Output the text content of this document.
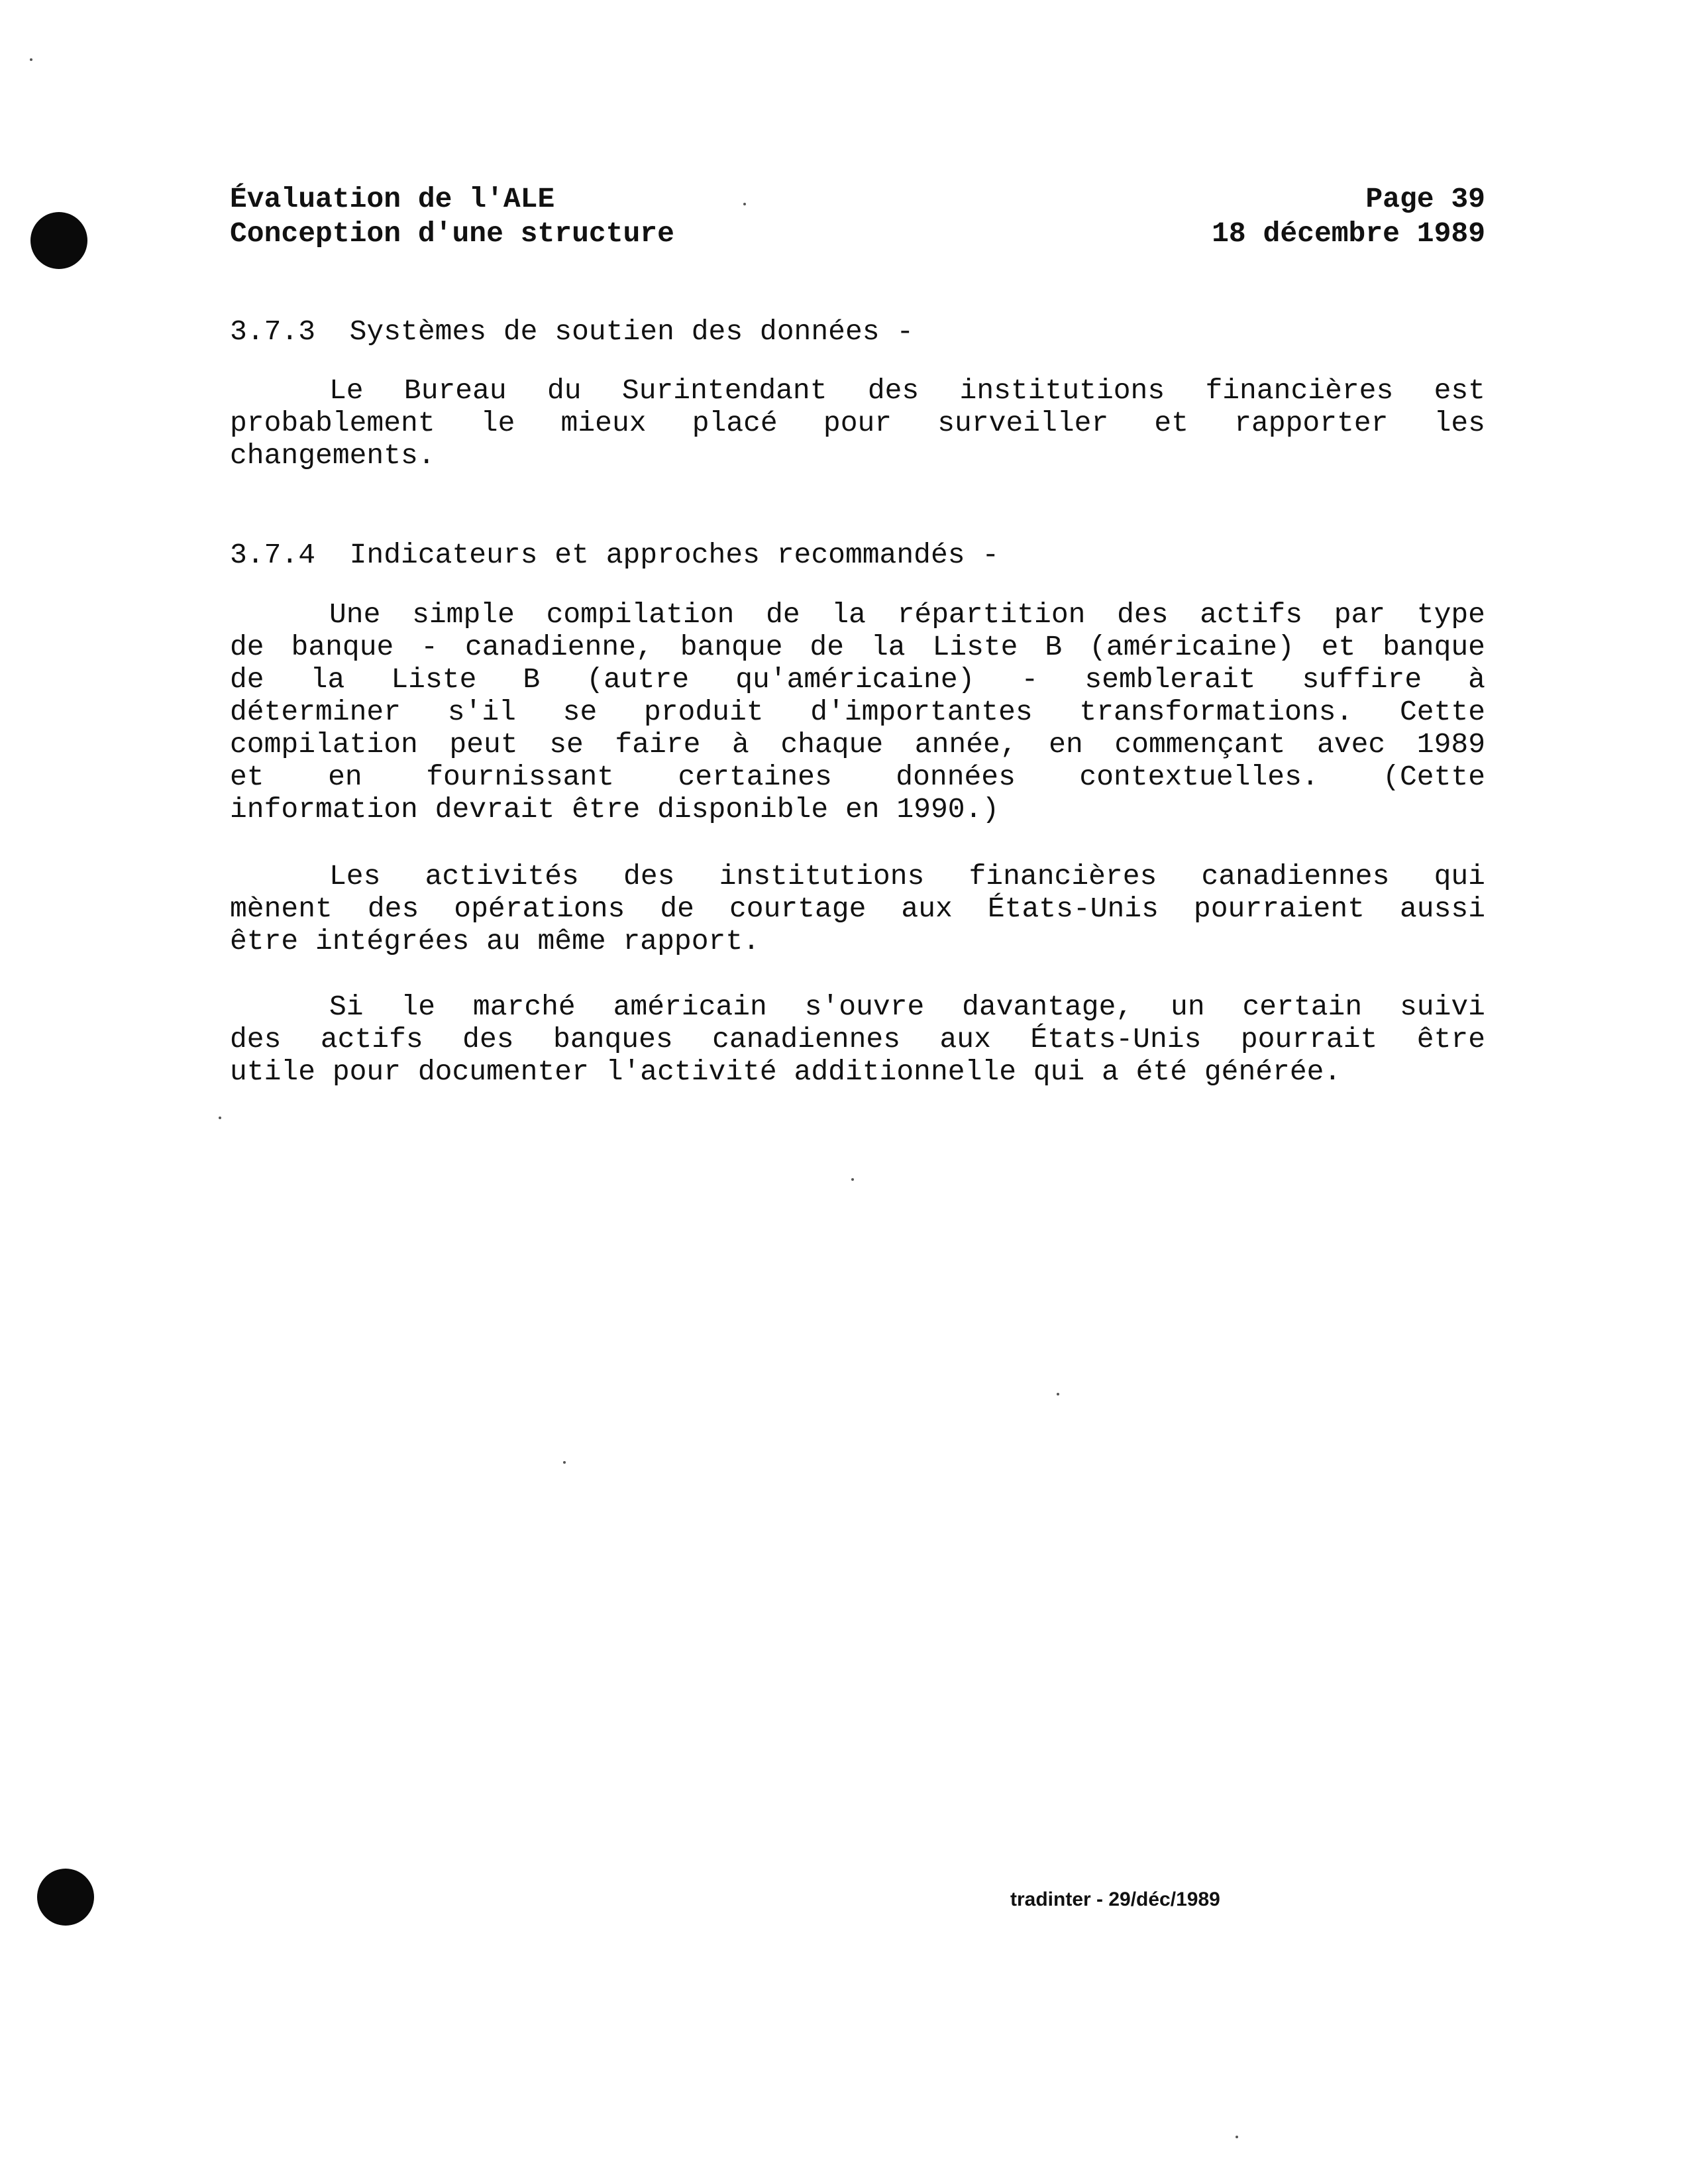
Évaluation de l'ALE
Conception d'une structure
Page 39
18 décembre 1989
3.7.3  Systèmes de soutien des données -
Le Bureau du Surintendant des institutions financières est
probablement le mieux placé pour surveiller et rapporter les
changements.
3.7.4  Indicateurs et approches recommandés -
Une simple compilation de la répartition des actifs par type
de banque - canadienne, banque de la Liste B (américaine) et banque
de la Liste B (autre qu'américaine) - semblerait suffire à
déterminer s'il se produit d'importantes transformations. Cette
compilation peut se faire à chaque année, en commençant avec 1989
et en fournissant certaines données contextuelles. (Cette
information devrait être disponible en 1990.)
Les activités des institutions financières canadiennes qui
mènent des opérations de courtage aux États-Unis pourraient aussi
être intégrées au même rapport.
Si le marché américain s'ouvre davantage, un certain suivi
des actifs des banques canadiennes aux États-Unis pourrait être
utile pour documenter l'activité additionnelle qui a été générée.
tradinter - 29/déc/1989
